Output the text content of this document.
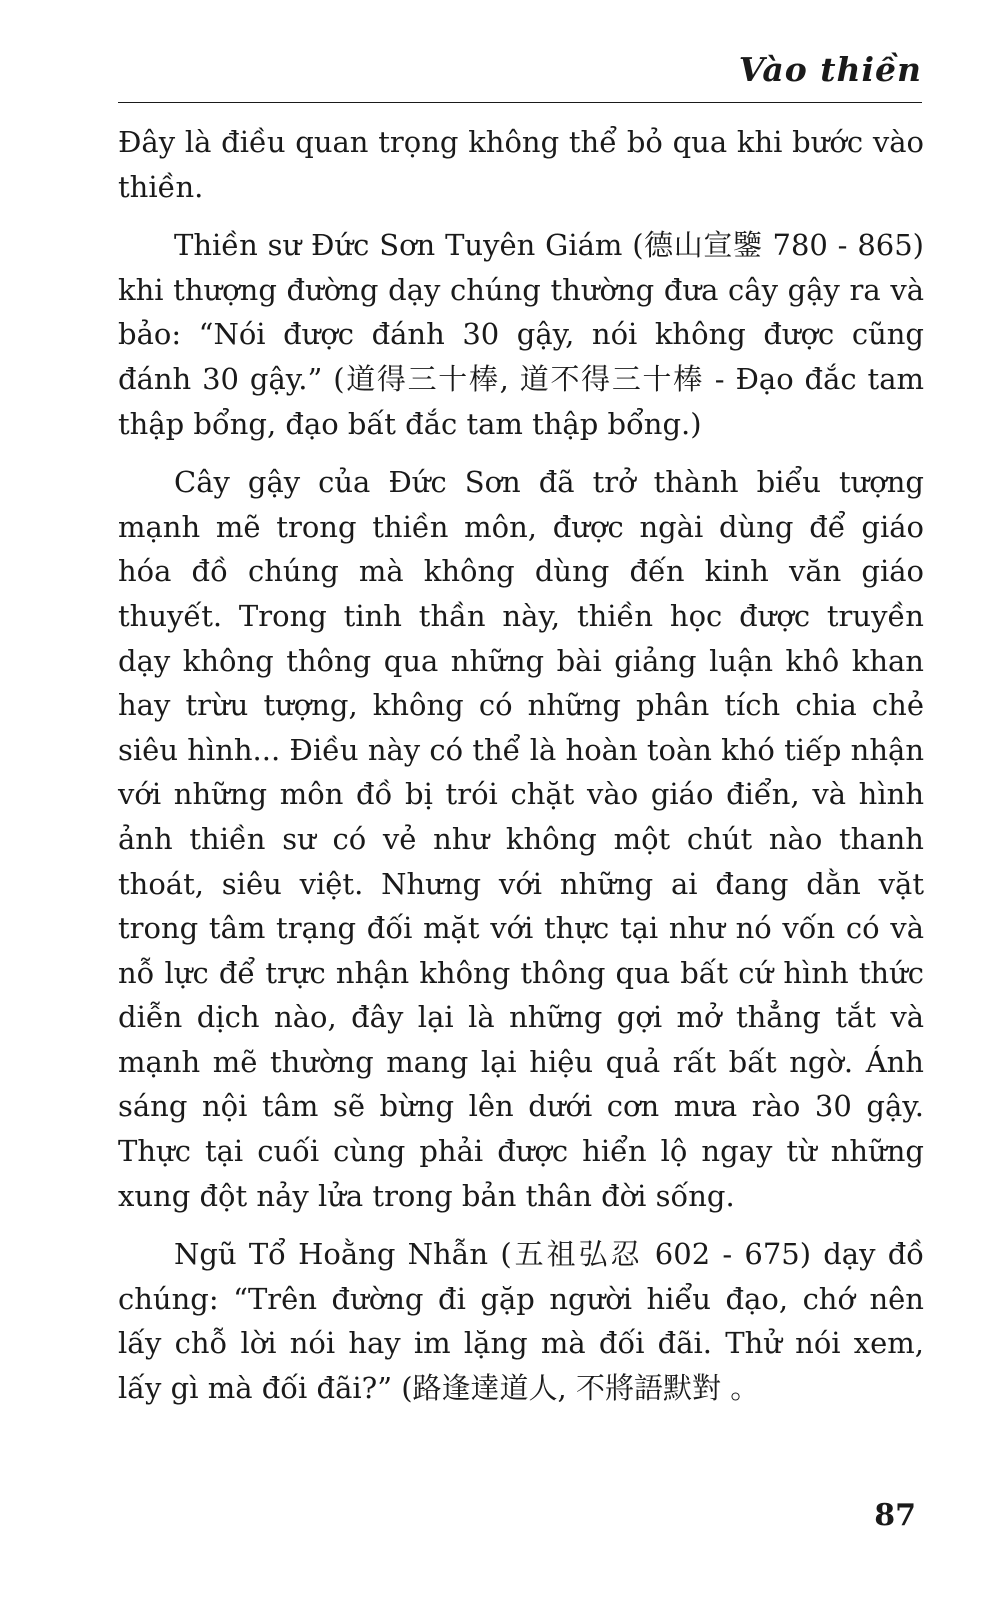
Vào thiền

Đây là điều quan trọng không thể bỏ qua khi bước vào thiền.

Thiền sư Đức Sơn Tuyên Giám (德山宣鑒 780 - 865) khi thượng đường dạy chúng thường đưa cây gậy ra và bảo: “Nói được đánh 30 gậy, nói không được cũng đánh 30 gậy.” (道得三十棒, 道不得三十棒 - Đạo đắc tam thập bổng, đạo bất đắc tam thập bổng.)

Cây gậy của Đức Sơn đã trở thành biểu tượng mạnh mẽ trong thiền môn, được ngài dùng để giáo hóa đồ chúng mà không dùng đến kinh văn giáo thuyết. Trong tinh thần này, thiền học được truyền dạy không thông qua những bài giảng luận khô khan hay trừu tượng, không có những phân tích chia chẻ siêu hình... Điều này có thể là hoàn toàn khó tiếp nhận với những môn đồ bị trói chặt vào giáo điển, và hình ảnh thiền sư có vẻ như không một chút nào thanh thoát, siêu việt. Nhưng với những ai đang dằn vặt trong tâm trạng đối mặt với thực tại như nó vốn có và nỗ lực để trực nhận không thông qua bất cứ hình thức diễn dịch nào, đây lại là những gợi mở thẳng tắt và mạnh mẽ thường mang lại hiệu quả rất bất ngờ. Ánh sáng nội tâm sẽ bừng lên dưới cơn mưa rào 30 gậy. Thực tại cuối cùng phải được hiển lộ ngay từ những xung đột nảy lửa trong bản thân đời sống.

Ngũ Tổ Hoằng Nhẫn (五祖弘忍 602 - 675) dạy đồ chúng: “Trên đường đi gặp người hiểu đạo, chớ nên lấy chỗ lời nói hay im lặng mà đối đãi. Thử nói xem, lấy gì mà đối đãi?” (路逢達道人, 不將語默對 。

87
